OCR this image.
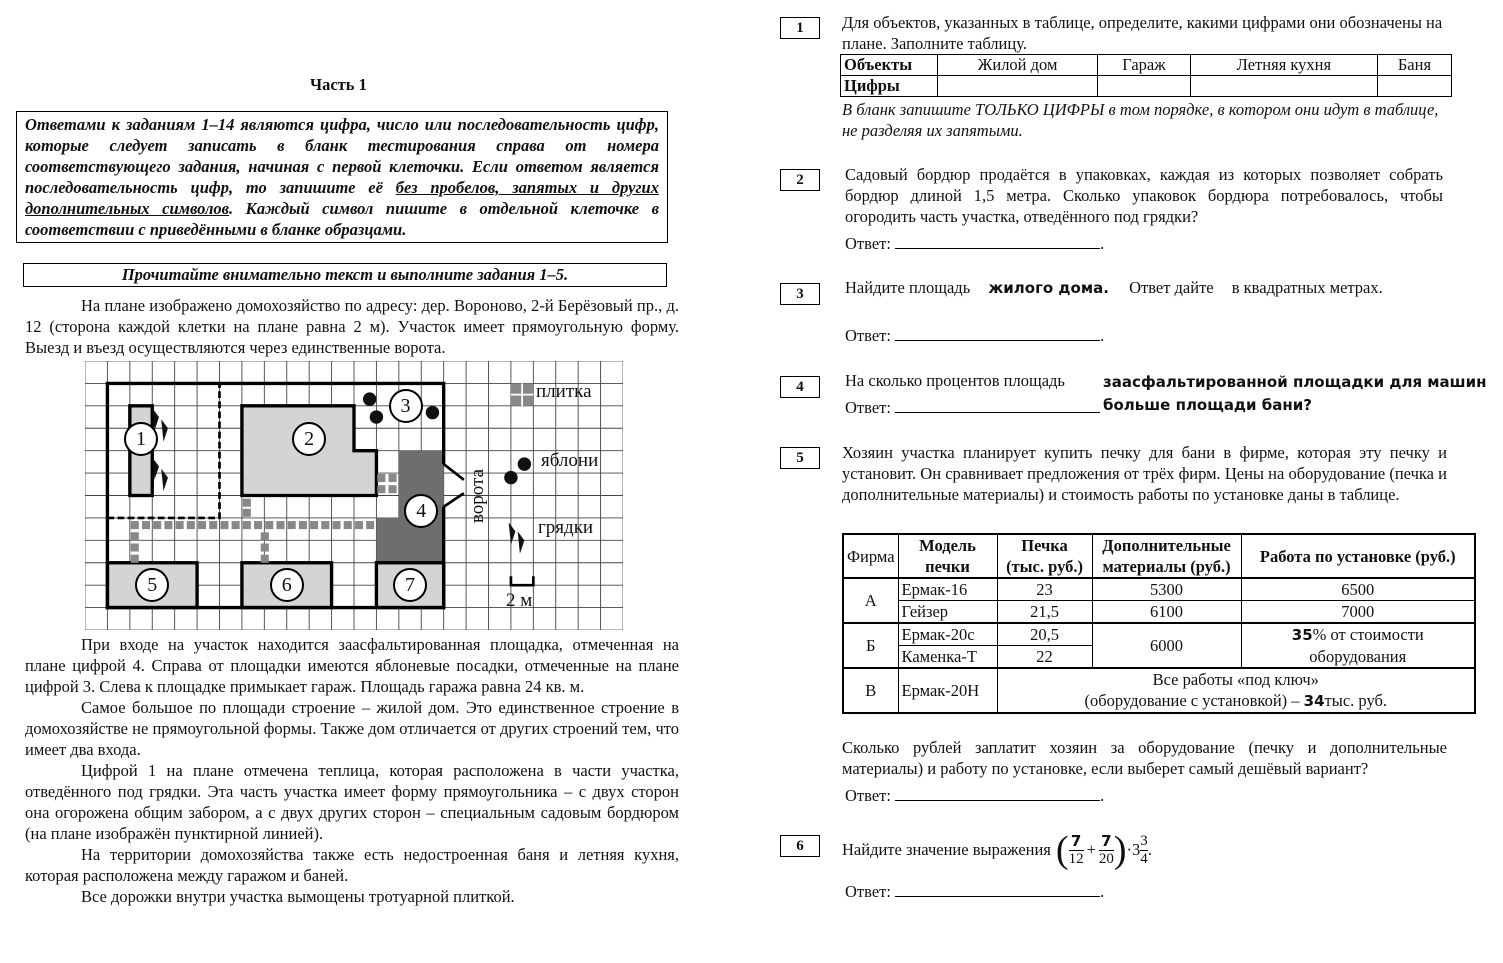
Часть 1
Ответами к заданиям 1–14 являются цифра, число или последовательность цифр, которые следует записать в бланк тестирования справа от номера соответствующего задания, начиная с первой клеточки. Если ответом является последовательность цифр, то запишите её без пробелов, запятых и других дополнительных символов. Каждый символ пишите в отдельной клеточке в соответствии с приведёнными в бланке образцами.
Прочитайте внимательно текст и выполните задания 1–5.
На плане изображено домохозяйство по адресу: дер. Вороново, 2-й Берёзовый пр., д. 12 (сторона каждой клетки на плане равна 2 м). Участок имеет прямоугольную форму. Выезд и въезд осуществляются через единственные ворота.
1	2
3
4
5	6	7
плитка
яблони
грядки
2 м
ворота
При входе на участок находится заасфальтированная площадка, отмеченная на плане цифрой 4. Справа от площадки имеются яблоневые посадки, отмеченные на плане цифрой 3. Слева к площадке примыкает гараж. Площадь гаража равна 24 кв. м.
Самое большое по площади строение – жилой дом. Это единственное строение в домохозяйстве не прямоугольной формы. Также дом отличается от других строений тем, что имеет два входа.
Цифрой 1 на плане отмечена теплица, которая расположена в части участка, отведённого под грядки. Эта часть участка имеет форму прямоугольника – с двух сторон она огорожена общим забором, а с двух других сторон – специальным садовым бордюром (на плане изображён пунктирной линией).
На территории домохозяйства также есть недостроенная баня и летняя кухня, которая расположена между гаражом и баней.
Все дорожки внутри участка вымощены тротуарной плиткой.
1	Для объектов, указанных в таблице, определите, какими цифрами они обозначены на плане. Заполните таблицу.
Объекты	Жилой дом	Гараж	Летняя кухня	Баня
Цифры				
В бланк запишите ТОЛЬКО ЦИФРЫ в том порядке, в котором они идут в таблице, не разделяя их запятыми.
2	Садовый бордюр продаётся в упаковках, каждая из которых позволяет собрать бордюр длиной 1,5 метра. Сколько упаковок бордюра потребовалось, чтобы огородить часть участка, отведённого под грядки?
Ответ:	.
3	Найдите площадь жилого дома. Ответ дайте в квадратных метрах.
Ответ:	.
4	На сколько процентов площадь	заасфальтированной площадки для машин
больше площади бани?
Ответ:
5	Хозяин участка планирует купить печку для бани в фирме, которая эту печку и установит. Он сравнивает предложения от трёх фирм. Цены на оборудование (печка и дополнительные материалы) и стоимость работы по установке даны в таблице.
Фирма	Модель печки	Печка (тыс. руб.)	Дополнительные материалы (руб.)	Работа по установке (руб.)
А	Ермак-16	23	5300	6500
	Гейзер	21,5	6100	7000
Б	Ермак-20с	20,5	6000	35% от стоимости оборудования
	Каменка-Т	22		
В	Ермак-20Н	Все работы «под ключ»
(оборудование с установкой) – 34тыс. руб.		
Сколько рублей заплатит хозяин за оборудование (печку и дополнительные материалы) и работу по установке, если выберет самый дешёвый вариант?
Ответ:	.
6	Найдите значение выражения ( $\frac{7}{12} + \frac{7}{20}$ ) $\cdot 3 \frac{3}{4}$ .
Ответ:	.
